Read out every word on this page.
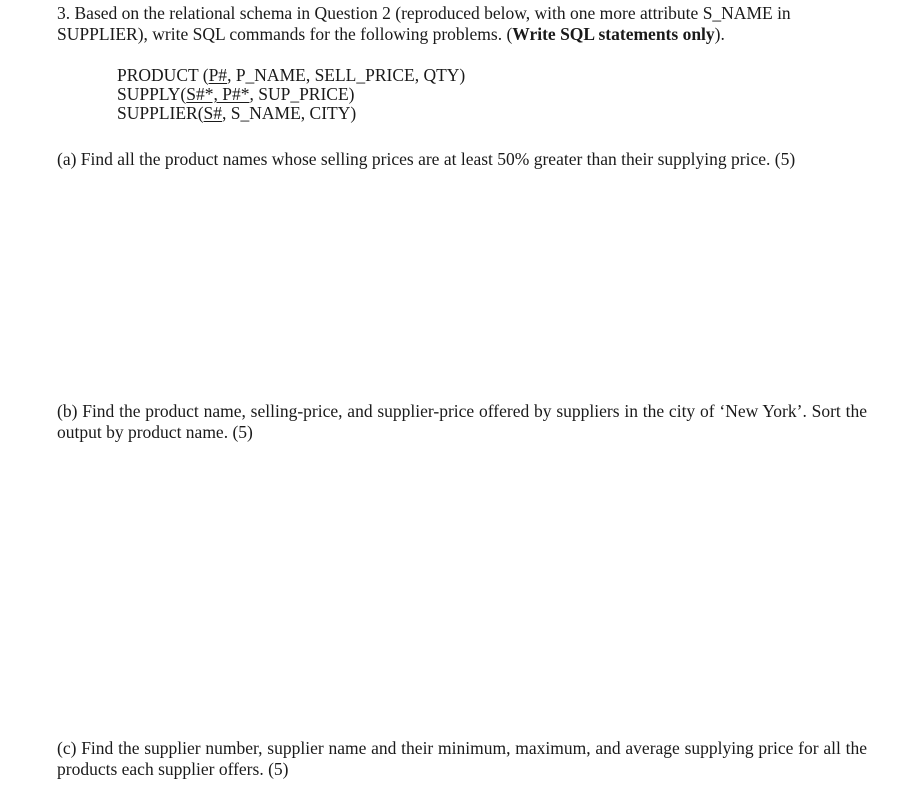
3. Based on the relational schema in Question 2 (reproduced below, with one more attribute S_NAME in SUPPLIER), write SQL commands for the following problems. (Write SQL statements only).
PRODUCT (P#, P_NAME, SELL_PRICE, QTY)
SUPPLY(S#*, P#*, SUP_PRICE)
SUPPLIER(S#, S_NAME, CITY)
(a) Find all the product names whose selling prices are at least 50% greater than their supplying price. (5)
(b) Find the product name, selling-price, and supplier-price offered by suppliers in the city of ‘New York’. Sort the output by product name. (5)
(c) Find the supplier number, supplier name and their minimum, maximum, and average supplying price for all the products each supplier offers. (5)
